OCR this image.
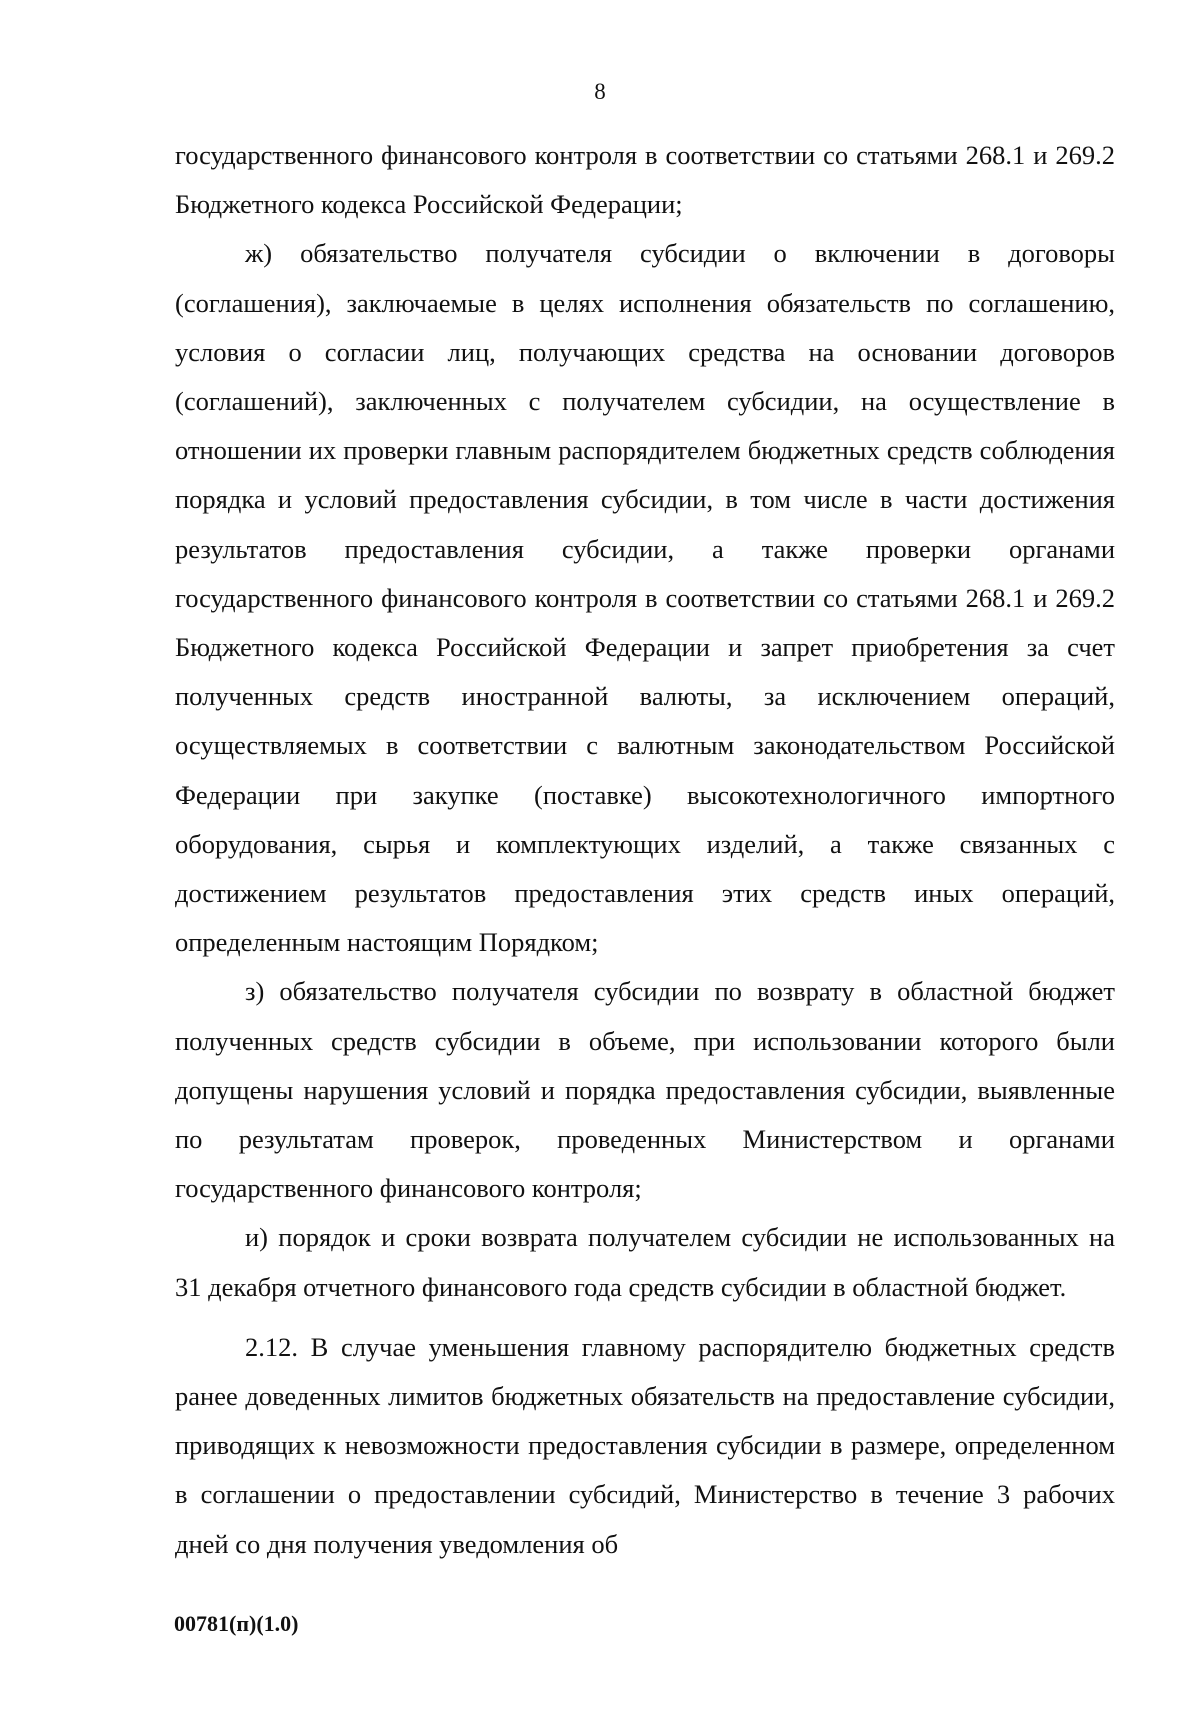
8

государственного финансового контроля в соответствии со статьями 268.1 и 269.2 Бюджетного кодекса Российской Федерации;

ж) обязательство получателя субсидии о включении в договоры (соглашения), заключаемые в целях исполнения обязательств по соглашению, условия о согласии лиц, получающих средства на основании договоров (соглашений), заключенных с получателем субсидии, на осуществление в отношении их проверки главным распорядителем бюджетных средств соблюдения порядка и условий предоставления субсидии, в том числе в части достижения результатов предоставления субсидии, а также проверки органами государственного финансового контроля в соответствии со статьями 268.1 и 269.2 Бюджетного кодекса Российской Федерации и запрет приобретения за счет полученных средств иностранной валюты, за исключением операций, осуществляемых в соответствии с валютным законодательством Российской Федерации при закупке (поставке) высокотехнологичного импортного оборудования, сырья и комплектующих изделий, а также связанных с достижением результатов предоставления этих средств иных операций, определенным настоящим Порядком;

з) обязательство получателя субсидии по возврату в областной бюджет полученных средств субсидии в объеме, при использовании которого были допущены нарушения условий и порядка предоставления субсидии, выявленные по результатам проверок, проведенных Министерством и органами государственного финансового контроля;

и) порядок и сроки возврата получателем субсидии не использованных на 31 декабря отчетного финансового года средств субсидии в областной бюджет.

2.12. В случае уменьшения главному распорядителю бюджетных средств ранее доведенных лимитов бюджетных обязательств на предоставление субсидии, приводящих к невозможности предоставления субсидии в размере, определенном в соглашении о предоставлении субсидий, Министерство в течение 3 рабочих дней со дня получения уведомления об

00781(п)(1.0)
